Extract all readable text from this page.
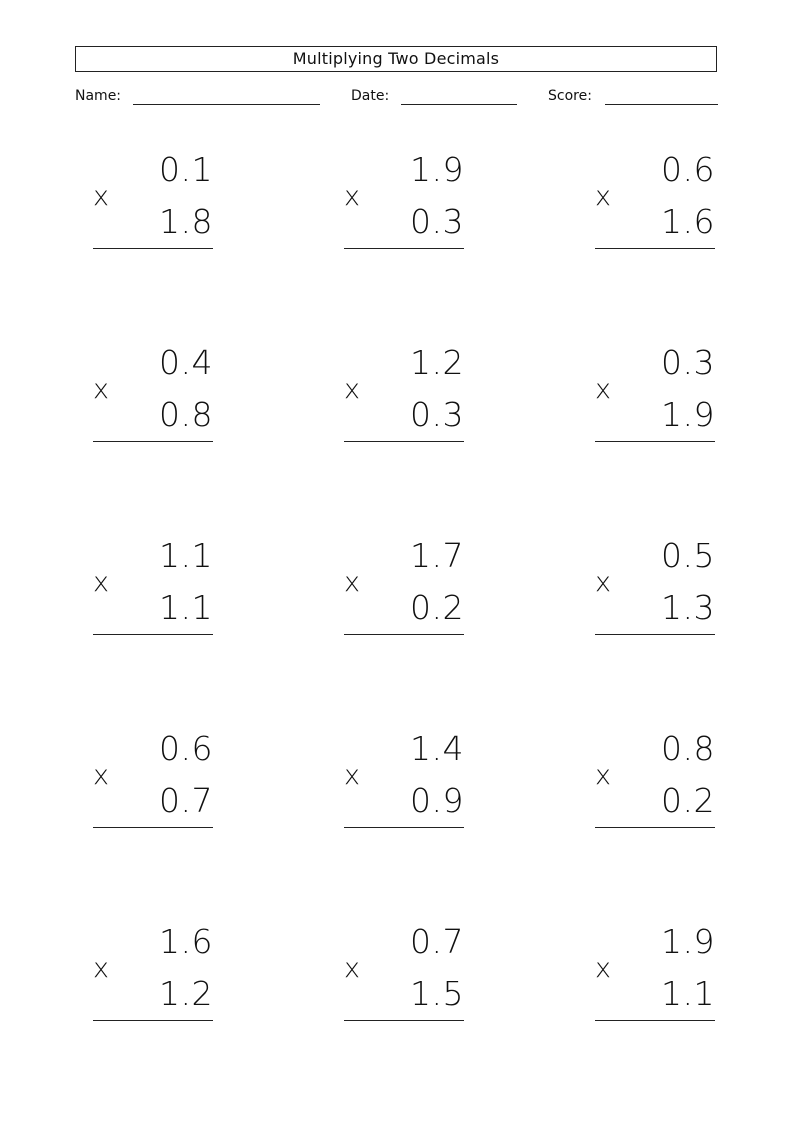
Multiplying Two Decimals
Name:	Date:	Score:
0.1
x
1.8
1.9
x
0.3
0.6
x
1.6
0.4
x
0.8
1.2
x
0.3
0.3
x
1.9
1.1
x
1.1
1.7
x
0.2
0.5
x
1.3
0.6
x
0.7
1.4
x
0.9
0.8
x
0.2
1.6
x
1.2
0.7
x
1.5
1.9
x
1.1
